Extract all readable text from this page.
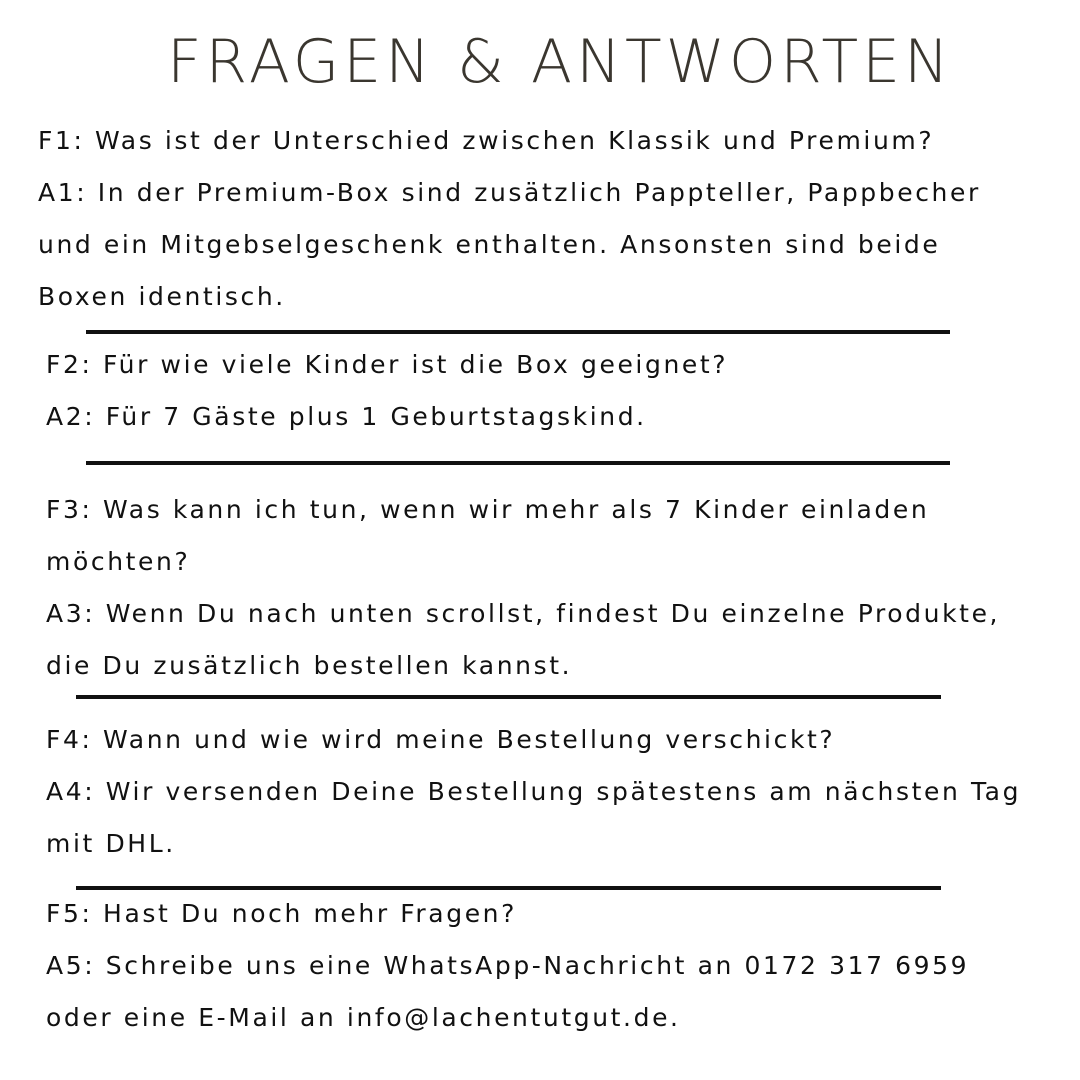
FRAGEN & ANTWORTEN

F1: Was ist der Unterschied zwischen Klassik und Premium?

A1: In der Premium-Box sind zusätzlich Pappteller, Pappbecher und ein Mitgebselgeschenk enthalten. Ansonsten sind beide Boxen identisch.

F2: Für wie viele Kinder ist die Box geeignet?

A2: Für 7 Gäste plus 1 Geburtstagskind.

F3: Was kann ich tun, wenn wir mehr als 7 Kinder einladen möchten?

A3: Wenn Du nach unten scrollst, findest Du einzelne Produkte, die Du zusätzlich bestellen kannst.

F4: Wann und wie wird meine Bestellung verschickt?

A4: Wir versenden Deine Bestellung spätestens am nächsten Tag mit DHL.

F5: Hast Du noch mehr Fragen?

A5: Schreibe uns eine WhatsApp-Nachricht an 0172 317 6959 oder eine E-Mail an info@lachentutgut.de.
